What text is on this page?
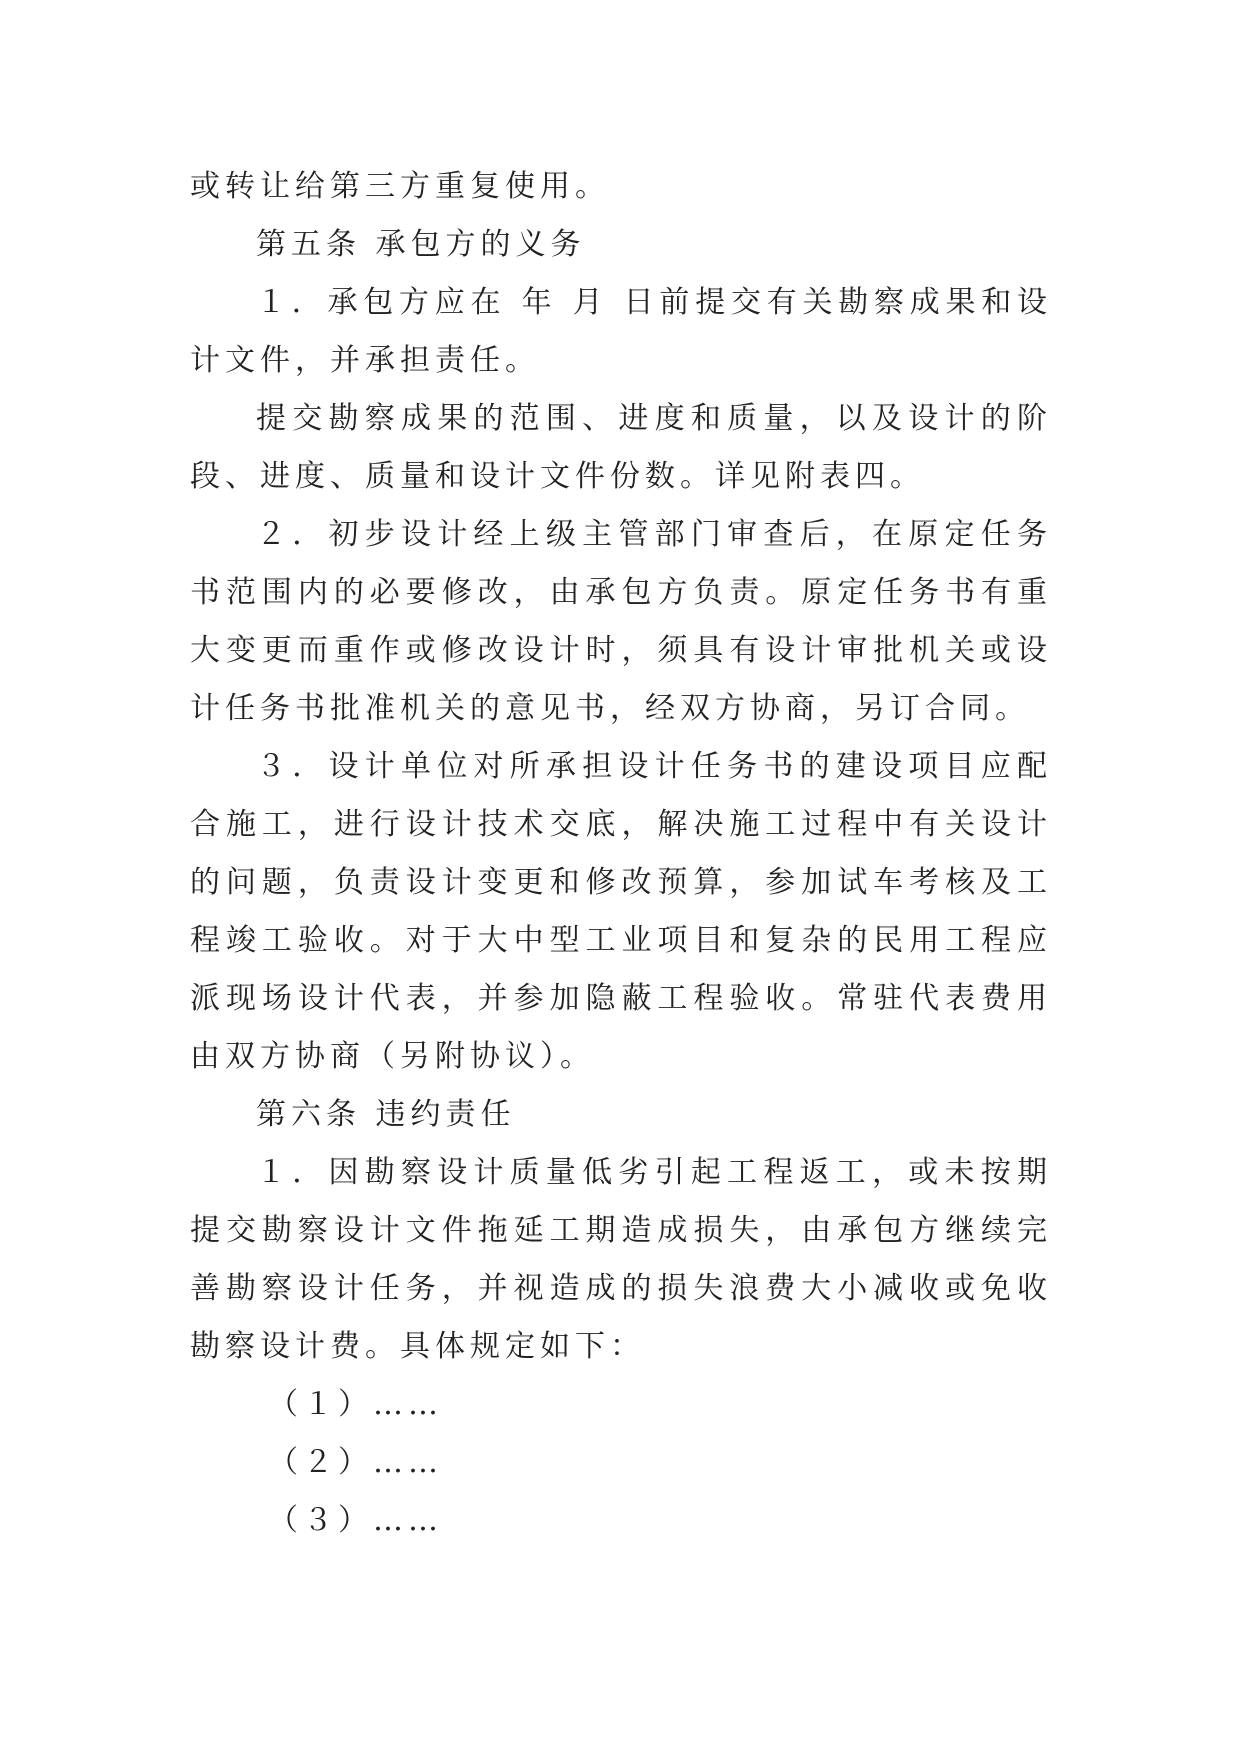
或转让给第三方重复使用。

第五条 承包方的义务

１．承包方应在 年 月 日前提交有关勘察成果和设计文件，并承担责任。

提交勘察成果的范围、进度和质量，以及设计的阶段、进度、质量和设计文件份数。详见附表四。

２．初步设计经上级主管部门审查后，在原定任务书范围内的必要修改，由承包方负责。原定任务书有重大变更而重作或修改设计时，须具有设计审批机关或设计任务书批准机关的意见书，经双方协商，另订合同。

３．设计单位对所承担设计任务书的建设项目应配合施工，进行设计技术交底，解决施工过程中有关设计的问题，负责设计变更和修改预算，参加试车考核及工程竣工验收。对于大中型工业项目和复杂的民用工程应派现场设计代表，并参加隐蔽工程验收。常驻代表费用由双方协商（另附协议）。

第六条 违约责任

１．因勘察设计质量低劣引起工程返工，或未按期提交勘察设计文件拖延工期造成损失，由承包方继续完善勘察设计任务，并视造成的损失浪费大小减收或免收勘察设计费。具体规定如下：

（１）……

（２）……

（３）……
